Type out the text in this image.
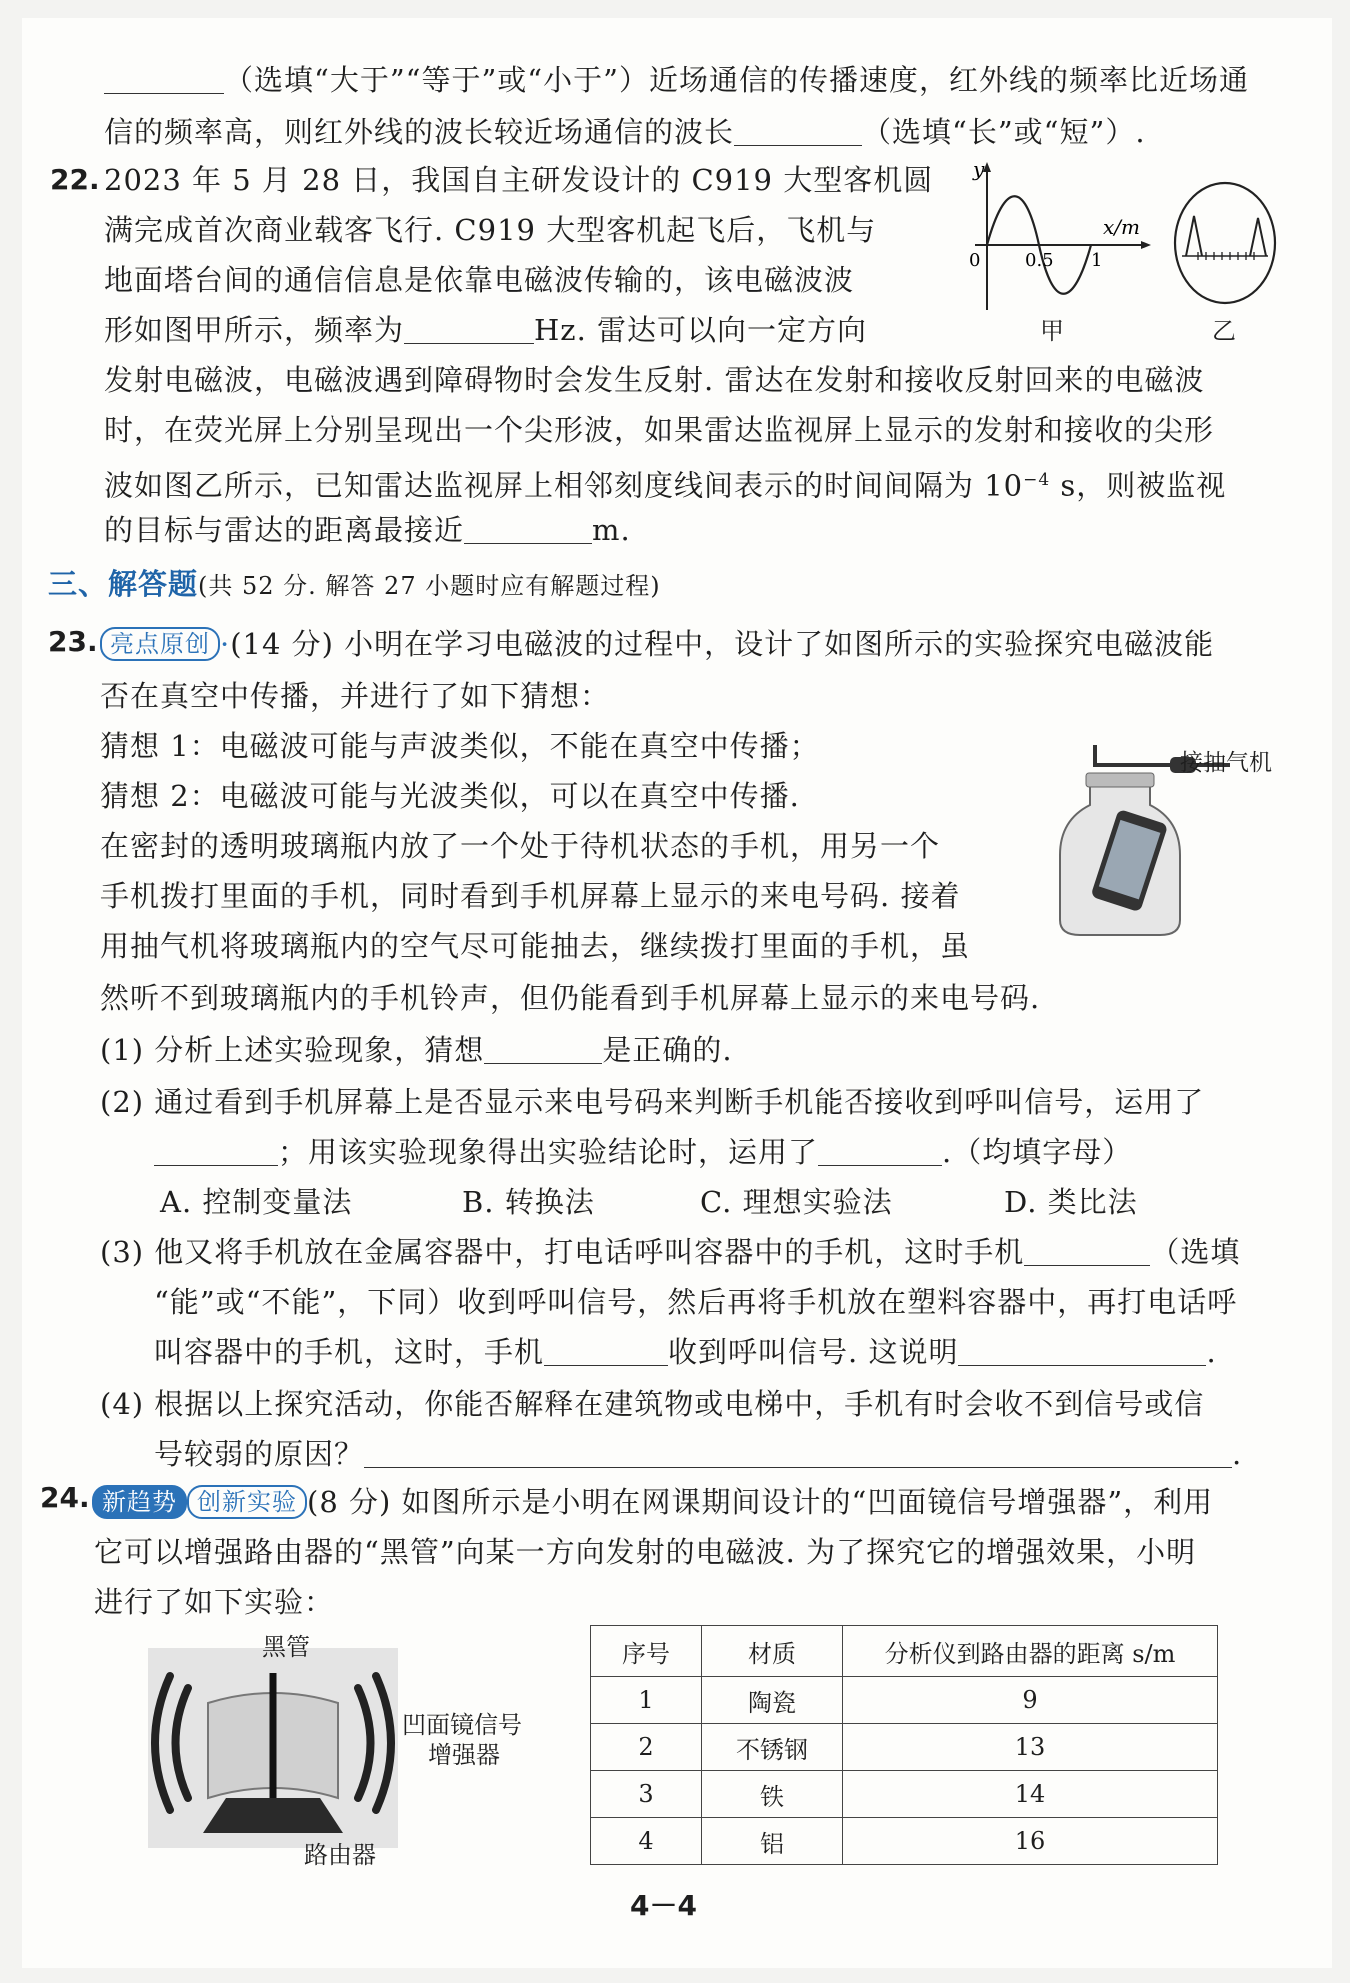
（选填“大于”“等于”或“小于”）近场通信的传播速度，红外线的频率比近场通
信的频率高，则红外线的波长较近场通信的波长	（选填“长”或“短”）.
22. 2023 年 5 月 28 日，我国自主研发设计的 C919 大型客机圆
满完成首次商业载客飞行. C919 大型客机起飞后，飞机与
地面塔台间的通信信息是依靠电磁波传输的，该电磁波波
形如图甲所示，频率为	Hz. 雷达可以向一定方向
发射电磁波，电磁波遇到障碍物时会发生反射. 雷达在发射和接收反射回来的电磁波
时，在荧光屏上分别呈现出一个尖形波，如果雷达监视屏上显示的发射和接收的尖形
波如图乙所示，已知雷达监视屏上相邻刻度线间表示的时间间隔为 $10^{-4}$ s，则被监视
的目标与雷达的距离最接近	m.
y
x/m
0 0.5 1
甲	乙
三、解答题(共 52 分. 解答 27 小题时应有解题过程)
23. 亮点原创 ·(14 分) 小明在学习电磁波的过程中，设计了如图所示的实验探究电磁波能
否在真空中传播，并进行了如下猜想：
猜想 1：电磁波可能与声波类似，不能在真空中传播；
猜想 2：电磁波可能与光波类似，可以在真空中传播.
在密封的透明玻璃瓶内放了一个处于待机状态的手机，用另一个
手机拨打里面的手机，同时看到手机屏幕上显示的来电号码. 接着
用抽气机将玻璃瓶内的空气尽可能抽去，继续拨打里面的手机，虽
然听不到玻璃瓶内的手机铃声，但仍能看到手机屏幕上显示的来电号码.
接抽气机
(1) 分析上述实验现象，猜想	是正确的.
(2) 通过看到手机屏幕上是否显示来电号码来判断手机能否接收到呼叫信号，运用了
；用该实验现象得出实验结论时，运用了	.（均填字母）
A. 控制变量法	B. 转换法	C. 理想实验法	D. 类比法
(3) 他又将手机放在金属容器中，打电话呼叫容器中的手机，这时手机	（选填
“能”或“不能”，下同）收到呼叫信号，然后再将手机放在塑料容器中，再打电话呼
叫容器中的手机，这时，手机	收到呼叫信号. 这说明	.
(4) 根据以上探究活动，你能否解释在建筑物或电梯中，手机有时会收不到信号或信
号较弱的原因？	.
24. 新趋势 创新实验 (8 分) 如图所示是小明在网课期间设计的“凹面镜信号增强器”，利用
它可以增强路由器的“黑管”向某一方向发射的电磁波. 为了探究它的增强效果，小明
进行了如下实验：
黑管
凹面镜信号
增强器
路由器
序号	材质	分析仪到路由器的距离 s/m
1	陶瓷	9
2	不锈钢	13
3	铁	14
4	铝	16
4－4
